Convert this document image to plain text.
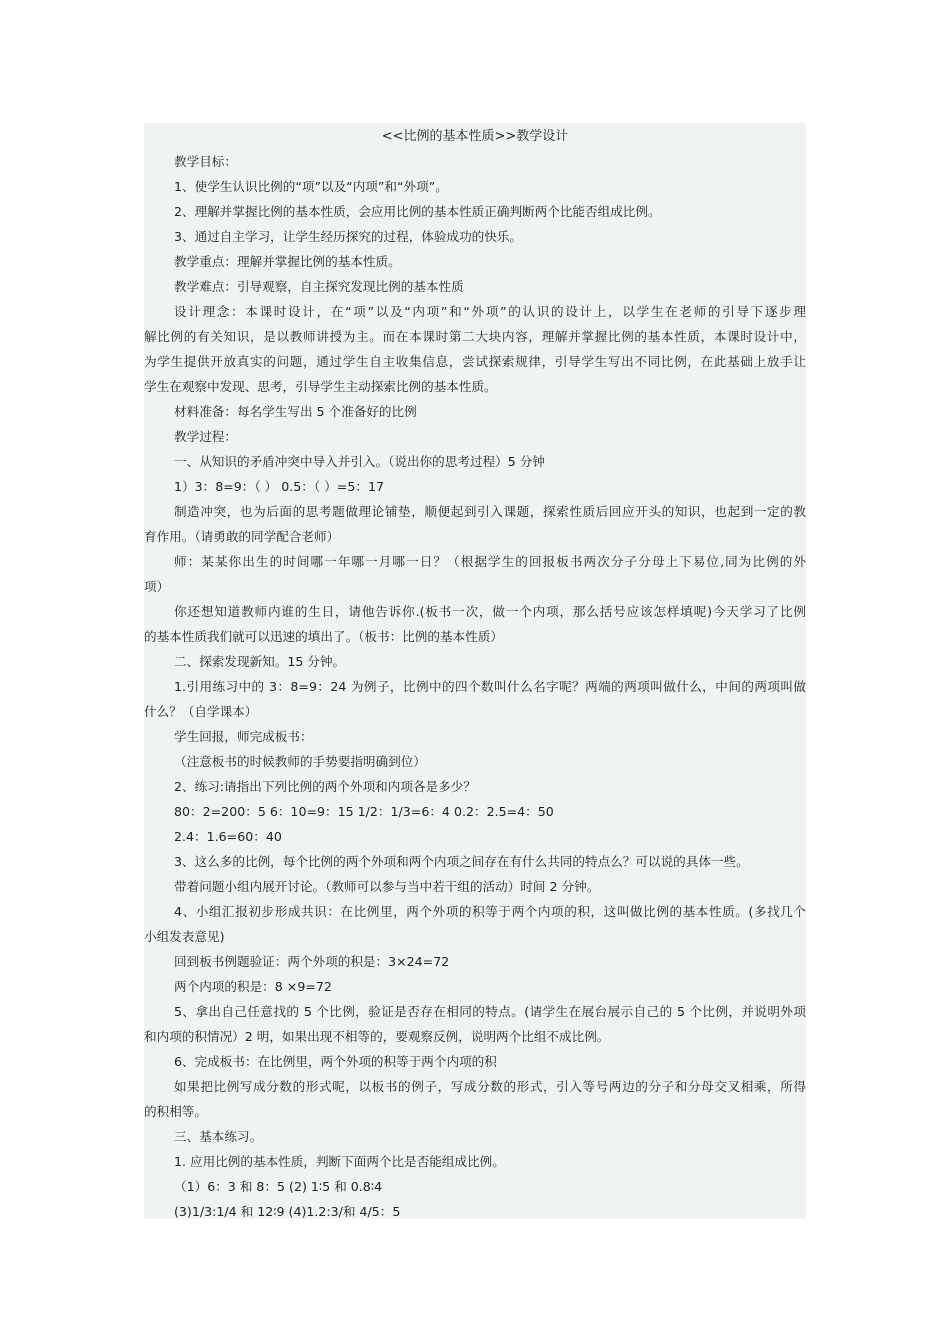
<<比例的基本性质>>教学设计
教学目标：
1、使学生认识比例的“项”以及“内项”和“外项”。
2、理解并掌握比例的基本性质，会应用比例的基本性质正确判断两个比能否组成比例。
3、通过自主学习，让学生经历探究的过程，体验成功的快乐。
教学重点：理解并掌握比例的基本性质。
教学难点：引导观察，自主探究发现比例的基本性质
设计理念：本课时设计，在“项”以及“内项”和“外项”的认识的设计上，以学生在老师的引导下逐步理
解比例的有关知识，是以教师讲授为主。而在本课时第二大块内容，理解并掌握比例的基本性质，本课时设计中，
为学生提供开放真实的问题，通过学生自主收集信息，尝试探索规律，引导学生写出不同比例，在此基础上放手让
学生在观察中发现、思考，引导学生主动探索比例的基本性质。
材料准备：每名学生写出 5 个准备好的比例
教学过程：
一、从知识的矛盾冲突中导入并引入。（说出你的思考过程）5 分钟
1）3：8=9：（ ） 0.5：（ ）=5：17
制造冲突，也为后面的思考题做理论铺垫，顺便起到引入课题，探索性质后回应开头的知识，也起到一定的教
育作用。（请勇敢的同学配合老师）
师：某某你出生的时间哪一年哪一月哪一日？（根据学生的回报板书两次分子分母上下易位,同为比例的外
项）
你还想知道教师内谁的生日，请他告诉你.(板书一次，做一个内项，那么括号应该怎样填呢)今天学习了比例
的基本性质我们就可以迅速的填出了。（板书：比例的基本性质）
二、探索发现新知。15 分钟。
1.引用练习中的 3：8=9：24 为例子，比例中的四个数叫什么名字呢？两端的两项叫做什么，中间的两项叫做
什么？（自学课本）
学生回报，师完成板书：
（注意板书的时候教师的手势要指明确到位）
2、练习:请指出下列比例的两个外项和内项各是多少？
80：2=200：5 6：10=9：15 1/2：1/3=6：4 0.2：2.5=4：50
2.4：1.6=60：40
3、这么多的比例，每个比例的两个外项和两个内项之间存在有什么共同的特点么？可以说的具体一些。
带着问题小组内展开讨论。（教师可以参与当中若干组的活动）时间 2 分钟。
4、小组汇报初步形成共识：在比例里，两个外项的积等于两个内项的积，这叫做比例的基本性质。(多找几个
小组发表意见)
回到板书例题验证：两个外项的积是：3×24=72
两个内项的积是：8 ×9=72
5、拿出自己任意找的 5 个比例，验证是否存在相同的特点。(请学生在展台展示自己的 5 个比例，并说明外项
和内项的积情况）2 明，如果出现不相等的，要观察反例，说明两个比组不成比例。
6、完成板书：在比例里，两个外项的积等于两个内项的积
如果把比例写成分数的形式呢，以板书的例子，写成分数的形式，引入等号两边的分子和分母交叉相乘，所得
的积相等。
三、基本练习。
1. 应用比例的基本性质，判断下面两个比是否能组成比例。
（1）6：3 和 8：5 (2) 1∶5 和 0.8∶4
(3)1/3:1/4 和 12∶9 (4)1.2:3/和 4/5：5
